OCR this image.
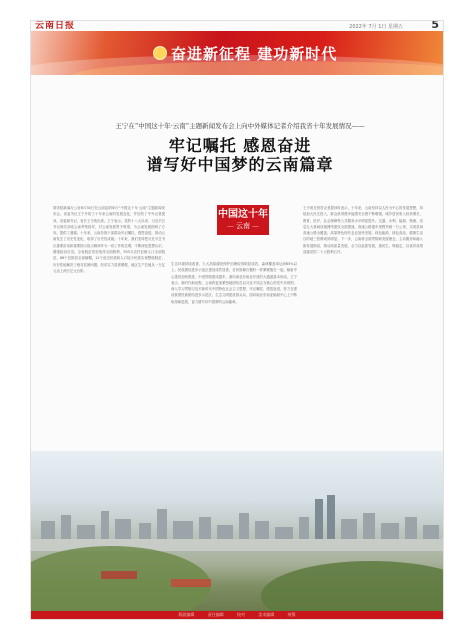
云南日报	2022年 7月 1日 星期五	5
奋进新征程 建功新时代
王宁在“中国这十年·云南”主题新闻发布会上向中外媒体记者介绍我省十年发展情况——
牢记嘱托 感恩奋进
谱写好中国梦的云南篇章
中国这十年
— 云南 —
国务院新闻办公室6月30日在云南昆明举行“中国这十年·云南”主题新闻发布会。省委书记王宁介绍了十年来云南的发展变化，并回答了中外记者提问。省委副书记、省长王予波出席。王宁表示，党的十八大以来，习近平总书记两次亲临云南考察指导，对云南发展寄予厚望，为云南发展指明了方向、提供了遵循。十年来，云南各族干部群众牢记嘱托、感恩奋进，推动云南发生了历史性变化、取得了历史性成就。十年来，我们坚持把习近平总书记重要讲话和重要指示批示精神作为一切工作的总纲，不断深化思想认识，增强政治自觉。全省脱贫攻坚取得全面胜利，933万农村贫困人口全部脱贫，88个贫困县全部摘帽，11个直过民族和人口较少民族实现整族脱贫，历史性地解决了绝对贫困问题。经济实力显著增强，地区生产总值从一万亿元迈上两万亿元台阶。
生态环境持续改善，九大高原湖泊保护治理取得明显成效，森林覆盖率达到65%以上。民族团结进步示范区建设成效显著，各民族像石榴籽一样紧紧抱在一起。辐射中心建设加快推进，中老铁路建成通车，面向南亚东南亚开放的大通道基本形成。王宁表示，新时代新征程，云南将更加紧密地团结在以习近平同志为核心的党中央周围，深入学习贯彻习近平新时代中国特色社会主义思想，牢记嘱托、感恩奋进，努力在建设我国民族团结进步示范区、生态文明建设排头兵、面向南亚东南亚辐射中心上不断取得新进展，奋力谱写好中国梦的云南篇章。
王予波在回答记者提问时表示，十年来，云南坚持以人民为中心的发展思想，持续加大民生投入，群众获得感幸福感安全感不断增强。城乡居民收入较快增长，教育、医疗、社会保障等公共服务水平明显提升。交通、水利、能源、物流、信息五大基础设施网络建设全面提速，高速公路通车里程突破一万公里，实现县域高速公路全覆盖。高原特色现代农业加快发展，绿色能源、绿色食品、健康生活目的地三张牌成效明显。下一步，云南将全面贯彻新发展理念，主动服务和融入新发展格局，推动高质量发展，全力以赴抓发展、惠民生、保稳定，以优异成绩迎接党的二十大胜利召开。
版面编辑	责任编辑	校对	美术编辑	统筹
